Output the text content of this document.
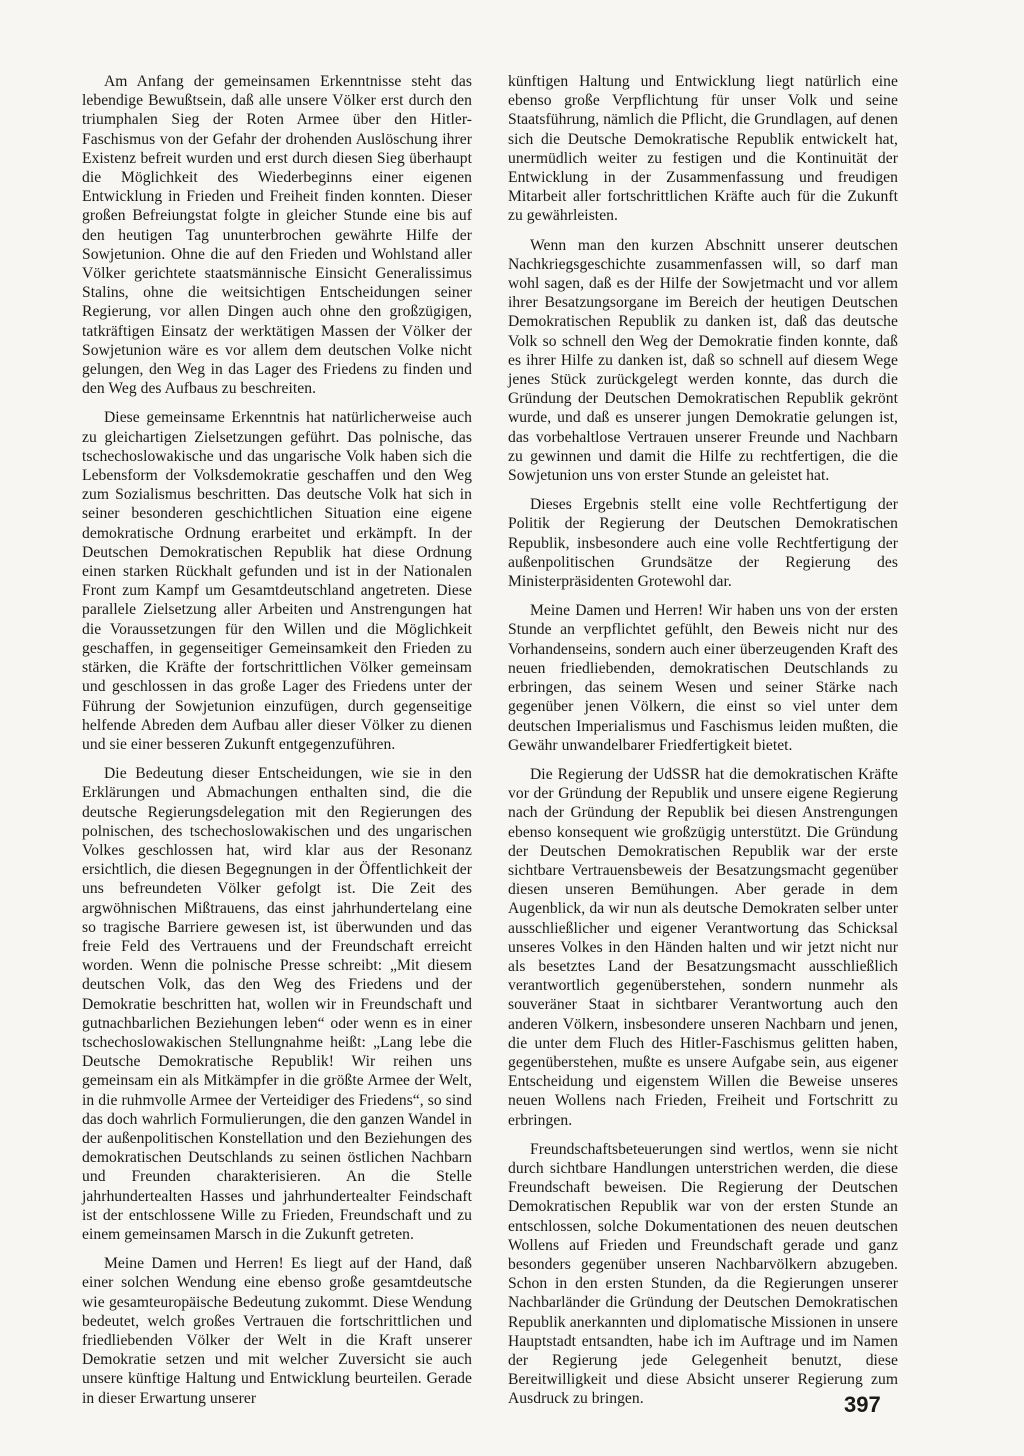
Am Anfang der gemeinsamen Erkenntnisse steht das lebendige Bewußtsein, daß alle unsere Völker erst durch den triumphalen Sieg der Roten Armee über den Hitler-Faschismus von der Gefahr der drohenden Auslöschung ihrer Existenz befreit wurden und erst durch diesen Sieg überhaupt die Möglichkeit des Wiederbeginns einer eigenen Entwicklung in Frieden und Freiheit finden konnten. Dieser großen Befreiungstat folgte in gleicher Stunde eine bis auf den heutigen Tag ununterbrochen gewährte Hilfe der Sowjetunion. Ohne die auf den Frieden und Wohlstand aller Völker gerichtete staatsmännische Einsicht Generalissimus Stalins, ohne die weitsichtigen Entscheidungen seiner Regierung, vor allen Dingen auch ohne den großzügigen, tatkräftigen Einsatz der werktätigen Massen der Völker der Sowjetunion wäre es vor allem dem deutschen Volke nicht gelungen, den Weg in das Lager des Friedens zu finden und den Weg des Aufbaus zu beschreiten.

Diese gemeinsame Erkenntnis hat natürlicherweise auch zu gleichartigen Zielsetzungen geführt. Das polnische, das tschechoslowakische und das ungarische Volk haben sich die Lebensform der Volksdemokratie geschaffen und den Weg zum Sozialismus beschritten. Das deutsche Volk hat sich in seiner besonderen geschichtlichen Situation eine eigene demokratische Ordnung erarbeitet und erkämpft. In der Deutschen Demokratischen Republik hat diese Ordnung einen starken Rückhalt gefunden und ist in der Nationalen Front zum Kampf um Gesamtdeutschland angetreten. Diese parallele Zielsetzung aller Arbeiten und Anstrengungen hat die Voraussetzungen für den Willen und die Möglichkeit geschaffen, in gegenseitiger Gemeinsamkeit den Frieden zu stärken, die Kräfte der fortschrittlichen Völker gemeinsam und geschlossen in das große Lager des Friedens unter der Führung der Sowjetunion einzufügen, durch gegenseitige helfende Abreden dem Aufbau aller dieser Völker zu dienen und sie einer besseren Zukunft entgegenzuführen.

Die Bedeutung dieser Entscheidungen, wie sie in den Erklärungen und Abmachungen enthalten sind, die die deutsche Regierungsdelegation mit den Regierungen des polnischen, des tschechoslowakischen und des ungarischen Volkes geschlossen hat, wird klar aus der Resonanz ersichtlich, die diesen Begegnungen in der Öffentlichkeit der uns befreundeten Völker gefolgt ist. Die Zeit des argwöhnischen Mißtrauens, das einst jahrhundertelang eine so tragische Barriere gewesen ist, ist überwunden und das freie Feld des Vertrauens und der Freundschaft erreicht worden. Wenn die polnische Presse schreibt: „Mit diesem deutschen Volk, das den Weg des Friedens und der Demokratie beschritten hat, wollen wir in Freundschaft und gutnachbarlichen Beziehungen leben“ oder wenn es in einer tschechoslowakischen Stellungnahme heißt: „Lang lebe die Deutsche Demokratische Republik! Wir reihen uns gemeinsam ein als Mitkämpfer in die größte Armee der Welt, in die ruhmvolle Armee der Verteidiger des Friedens“, so sind das doch wahrlich Formulierungen, die den ganzen Wandel in der außenpolitischen Konstellation und den Beziehungen des demokratischen Deutschlands zu seinen östlichen Nachbarn und Freunden charakterisieren. An die Stelle jahrhundertealten Hasses und jahrhundertealter Feindschaft ist der entschlossene Wille zu Frieden, Freundschaft und zu einem gemeinsamen Marsch in die Zukunft getreten.

Meine Damen und Herren! Es liegt auf der Hand, daß einer solchen Wendung eine ebenso große gesamtdeutsche wie gesamteuropäische Bedeutung zukommt. Diese Wendung bedeutet, welch großes Vertrauen die fortschrittlichen und friedliebenden Völker der Welt in die Kraft unserer Demokratie setzen und mit welcher Zuversicht sie auch unsere künftige Haltung und Entwicklung beurteilen. Gerade in dieser Erwartung unserer

künftigen Haltung und Entwicklung liegt natürlich eine ebenso große Verpflichtung für unser Volk und seine Staatsführung, nämlich die Pflicht, die Grundlagen, auf denen sich die Deutsche Demokratische Republik entwickelt hat, unermüdlich weiter zu festigen und die Kontinuität der Entwicklung in der Zusammenfassung und freudigen Mitarbeit aller fortschrittlichen Kräfte auch für die Zukunft zu gewährleisten.

Wenn man den kurzen Abschnitt unserer deutschen Nachkriegsgeschichte zusammenfassen will, so darf man wohl sagen, daß es der Hilfe der Sowjetmacht und vor allem ihrer Besatzungsorgane im Bereich der heutigen Deutschen Demokratischen Republik zu danken ist, daß das deutsche Volk so schnell den Weg der Demokratie finden konnte, daß es ihrer Hilfe zu danken ist, daß so schnell auf diesem Wege jenes Stück zurückgelegt werden konnte, das durch die Gründung der Deutschen Demokratischen Republik gekrönt wurde, und daß es unserer jungen Demokratie gelungen ist, das vorbehaltlose Vertrauen unserer Freunde und Nachbarn zu gewinnen und damit die Hilfe zu rechtfertigen, die die Sowjetunion uns von erster Stunde an geleistet hat.

Dieses Ergebnis stellt eine volle Rechtfertigung der Politik der Regierung der Deutschen Demokratischen Republik, insbesondere auch eine volle Rechtfertigung der außenpolitischen Grundsätze der Regierung des Ministerpräsidenten Grotewohl dar.

Meine Damen und Herren! Wir haben uns von der ersten Stunde an verpflichtet gefühlt, den Beweis nicht nur des Vorhandenseins, sondern auch einer überzeugenden Kraft des neuen friedliebenden, demokratischen Deutschlands zu erbringen, das seinem Wesen und seiner Stärke nach gegenüber jenen Völkern, die einst so viel unter dem deutschen Imperialismus und Faschismus leiden mußten, die Gewähr unwandelbarer Friedfertigkeit bietet.

Die Regierung der UdSSR hat die demokratischen Kräfte vor der Gründung der Republik und unsere eigene Regierung nach der Gründung der Republik bei diesen Anstrengungen ebenso konsequent wie großzügig unterstützt. Die Gründung der Deutschen Demokratischen Republik war der erste sichtbare Vertrauensbeweis der Besatzungsmacht gegenüber diesen unseren Bemühungen. Aber gerade in dem Augenblick, da wir nun als deutsche Demokraten selber unter ausschließlicher und eigener Verantwortung das Schicksal unseres Volkes in den Händen halten und wir jetzt nicht nur als besetztes Land der Besatzungsmacht ausschließlich verantwortlich gegenüberstehen, sondern nunmehr als souveräner Staat in sichtbarer Verantwortung auch den anderen Völkern, insbesondere unseren Nachbarn und jenen, die unter dem Fluch des Hitler-Faschismus gelitten haben, gegenüberstehen, mußte es unsere Aufgabe sein, aus eigener Entscheidung und eigenstem Willen die Beweise unseres neuen Wollens nach Frieden, Freiheit und Fortschritt zu erbringen.

Freundschaftsbeteuerungen sind wertlos, wenn sie nicht durch sichtbare Handlungen unterstrichen werden, die diese Freundschaft beweisen. Die Regierung der Deutschen Demokratischen Republik war von der ersten Stunde an entschlossen, solche Dokumentationen des neuen deutschen Wollens auf Frieden und Freundschaft gerade und ganz besonders gegenüber unseren Nachbarvölkern abzugeben. Schon in den ersten Stunden, da die Regierungen unserer Nachbarländer die Gründung der Deutschen Demokratischen Republik anerkannten und diplomatische Missionen in unsere Hauptstadt entsandten, habe ich im Auftrage und im Namen der Regierung jede Gelegenheit benutzt, diese Bereitwilligkeit und diese Absicht unserer Regierung zum Ausdruck zu bringen.	397
